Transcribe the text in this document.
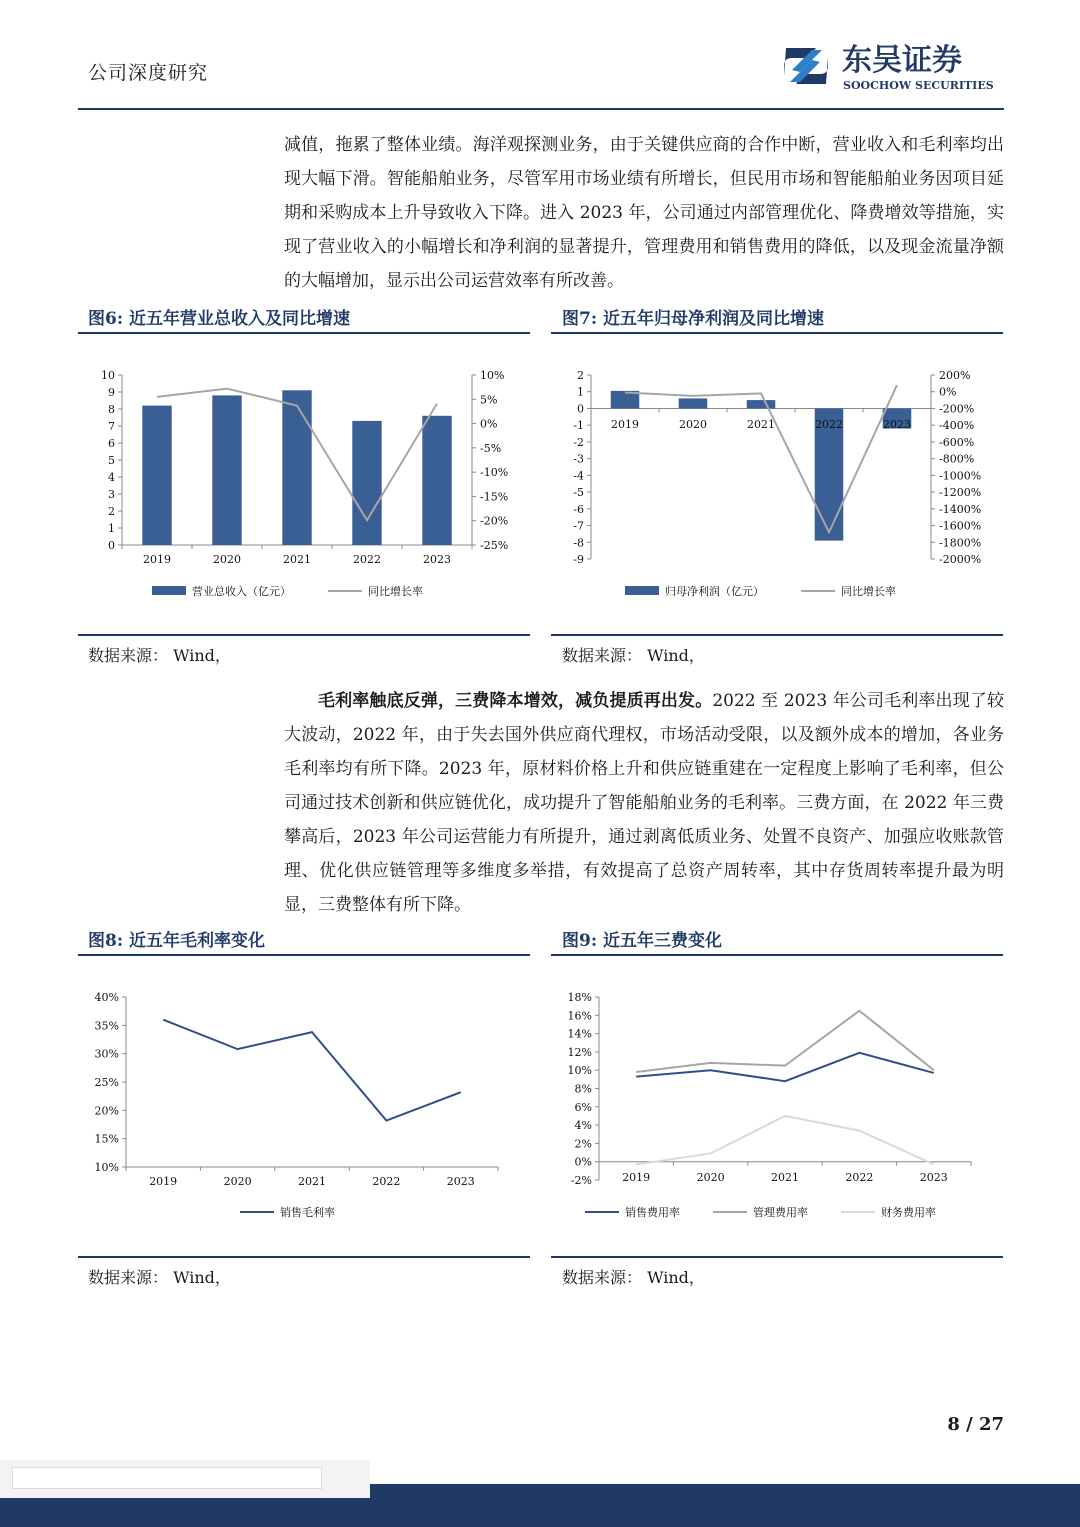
公司深度研究	东吴证券
SOOCHOW SECURITIES
减值，拖累了整体业绩。海洋观探测业务，由于关键供应商的合作中断，营业收入和毛利率均出现大幅下滑。智能船舶业务，尽管军用市场业绩有所增长，但民用市场和智能船舶业务因项目延期和采购成本上升导致收入下降。进入 2023 年，公司通过内部管理优化、降费增效等措施，实现了营业收入的小幅增长和净利润的显著提升，管理费用和销售费用的降低，以及现金流量净额的大幅增加，显示出公司运营效率有所改善。
图6: 近五年营业总收入及同比增速
0
1
2
3
4
5
6
7
8
9
10
-25%
-20%
-15%
-10%
-5%
0%
5%
10%
2019	2020	2021	2022	2023
营业总收入（亿元）	同比增长率
数据来源： Wind，
图7: 近五年归母净利润及同比增速
-9
-8
-7
-6
-5
-4
-3
-2
-1
0
1
2
-2000%
-1800%
-1600%
-1400%
-1200%
-1000%
-800%
-600%
-400%
-200%
0%
200%
2019	2020	2021	2022	2023
归母净利润（亿元）	同比增长率
数据来源： Wind，
毛利率触底反弹，三费降本增效，减负提质再出发。2022 至 2023 年公司毛利率出现了较大波动，2022 年，由于失去国外供应商代理权，市场活动受限，以及额外成本的增加，各业务毛利率均有所下降。2023 年，原材料价格上升和供应链重建在一定程度上影响了毛利率，但公司通过技术创新和供应链优化，成功提升了智能船舶业务的毛利率。三费方面，在 2022 年三费攀高后，2023 年公司运营能力有所提升，通过剥离低质业务、处置不良资产、加强应收账款管理、优化供应链管理等多维度多举措，有效提高了总资产周转率，其中存货周转率提升最为明显，三费整体有所下降。
图8: 近五年毛利率变化
10%
15%
20%
25%
30%
35%
40%
2019	2020	2021	2022	2023
销售毛利率
数据来源： Wind，
图9: 近五年三费变化
-2%
0%
2%
4%
6%
8%
10%
12%
14%
16%
18%
2019	2020	2021	2022	2023
销售费用率	管理费用率	财务费用率
数据来源： Wind，
8 / 27
